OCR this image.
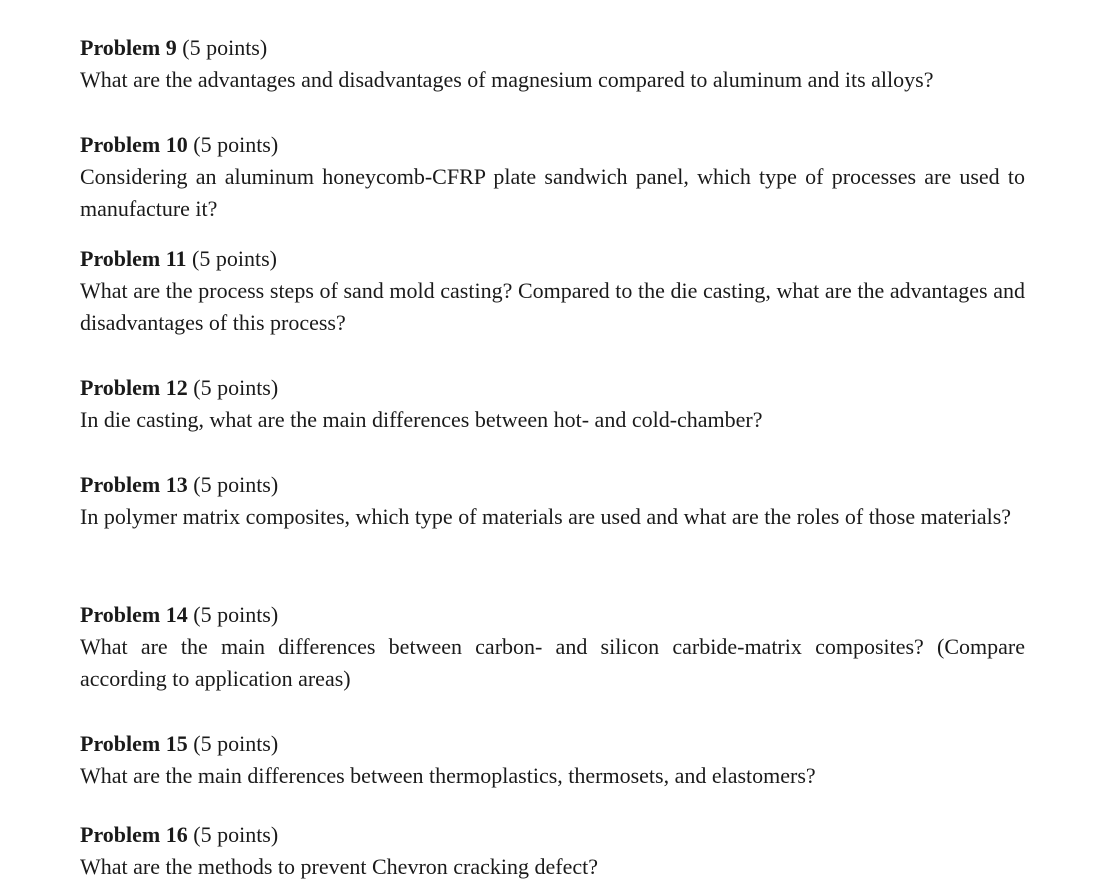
Problem 9 (5 points)
What are the advantages and disadvantages of magnesium compared to aluminum and its alloys?
Problem 10 (5 points)
Considering an aluminum honeycomb-CFRP plate sandwich panel, which type of processes are used to manufacture it?
Problem 11 (5 points)
What are the process steps of sand mold casting? Compared to the die casting, what are the advantages and disadvantages of this process?
Problem 12 (5 points)
In die casting, what are the main differences between hot- and cold-chamber?
Problem 13 (5 points)
In polymer matrix composites, which type of materials are used and what are the roles of those materials?
Problem 14 (5 points)
What are the main differences between carbon- and silicon carbide-matrix composites? (Compare according to application areas)
Problem 15 (5 points)
What are the main differences between thermoplastics, thermosets, and elastomers?
Problem 16 (5 points)
What are the methods to prevent Chevron cracking defect?
